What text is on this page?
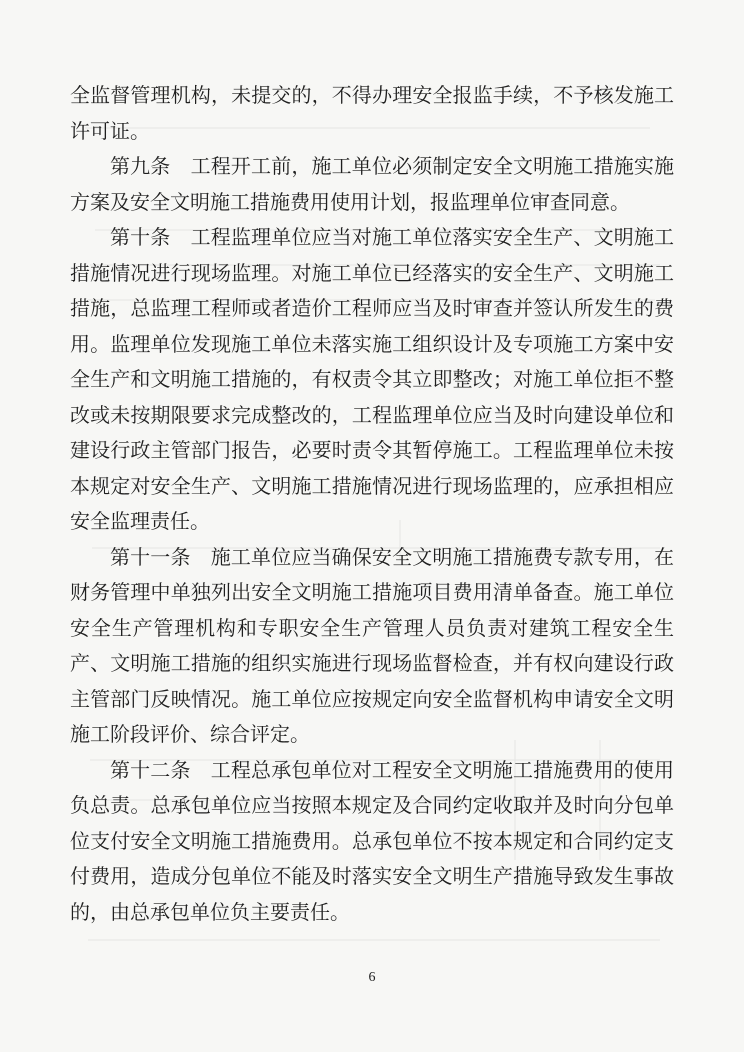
全监督管理机构，未提交的，不得办理安全报监手续，不予核发施工许可证。

第九条　 工程开工前，施工单位必须制定安全文明施工措施实施方案及安全文明施工措施费用使用计划，报监理单位审查同意。

第十条　 工程监理单位应当对施工单位落实安全生产、文明施工措施情况进行现场监理。对施工单位已经落实的安全生产、文明施工措施，总监理工程师或者造价工程师应当及时审查并签认所发生的费用。监理单位发现施工单位未落实施工组织设计及专项施工方案中安全生产和文明施工措施的，有权责令其立即整改；对施工单位拒不整改或未按期限要求完成整改的，工程监理单位应当及时向建设单位和建设行政主管部门报告，必要时责令其暂停施工。工程监理单位未按本规定对安全生产、文明施工措施情况进行现场监理的，应承担相应安全监理责任。

第十一条　 施工单位应当确保安全文明施工措施费专款专用，在财务管理中单独列出安全文明施工措施项目费用清单备查。施工单位安全生产管理机构和专职安全生产管理人员负责对建筑工程安全生产、文明施工措施的组织实施进行现场监督检查，并有权向建设行政主管部门反映情况。施工单位应按规定向安全监督机构申请安全文明施工阶段评价、综合评定。

第十二条　 工程总承包单位对工程安全文明施工措施费用的使用负总责。总承包单位应当按照本规定及合同约定收取并及时向分包单位支付安全文明施工措施费用。总承包单位不按本规定和合同约定支付费用，造成分包单位不能及时落实安全文明生产措施导致发生事故的，由总承包单位负主要责任。

6
